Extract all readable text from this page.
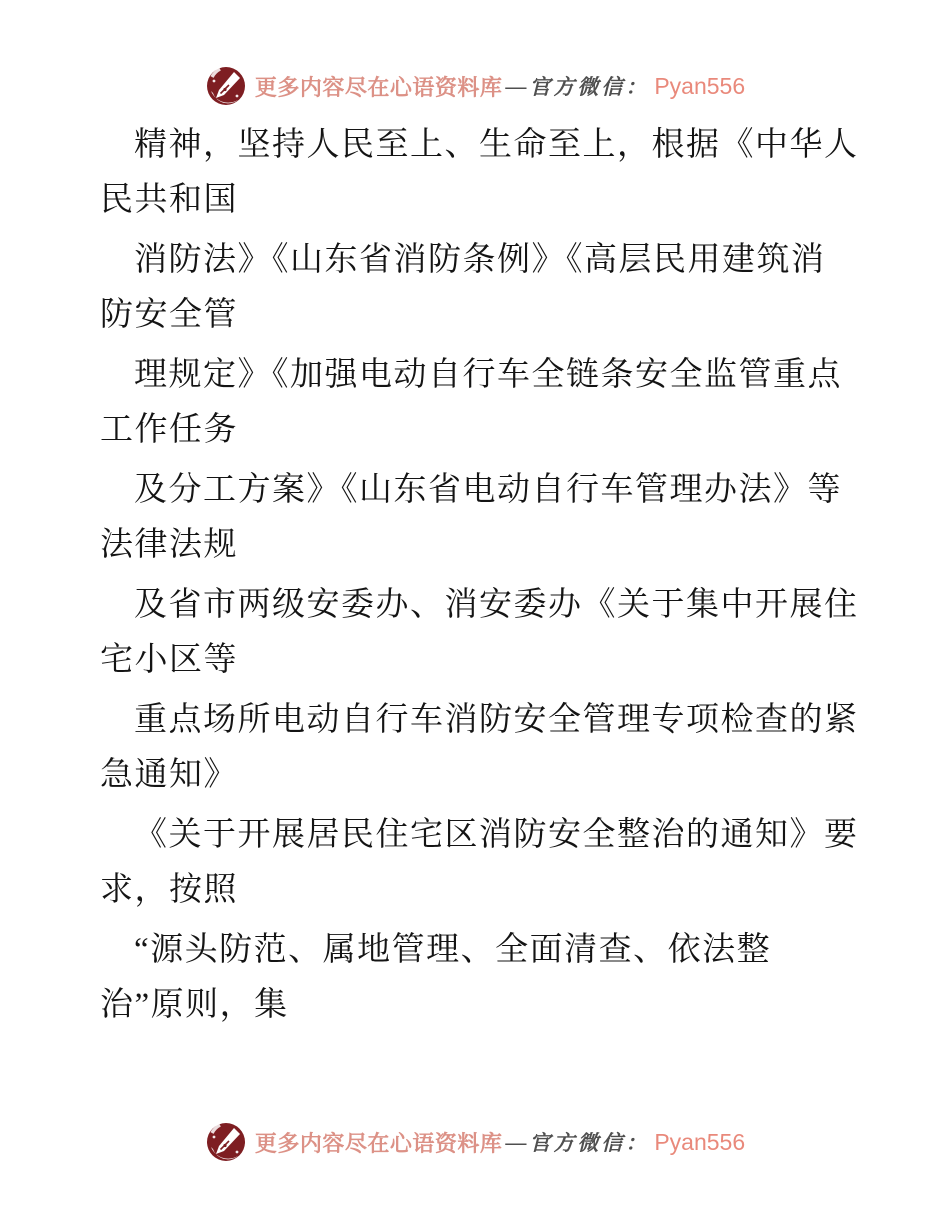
更多内容尽在心语资料库 — 官方微信： Pyan556

精神，坚持人民至上、生命至上，根据《中华人
民共和国

消防法》《山东省消防条例》《高层民用建筑消
防安全管

理规定》《加强电动自行车全链条安全监管重点
工作任务

及分工方案》《山东省电动自行车管理办法》等
法律法规

及省市两级安委办、消安委办《关于集中开展住
宅小区等

重点场所电动自行车消防安全管理专项检查的紧
急通知》

《关于开展居民住宅区消防安全整治的通知》要
求，按照

“源头防范、属地管理、全面清查、依法整
治”原则，集

更多内容尽在心语资料库 — 官方微信： Pyan556
